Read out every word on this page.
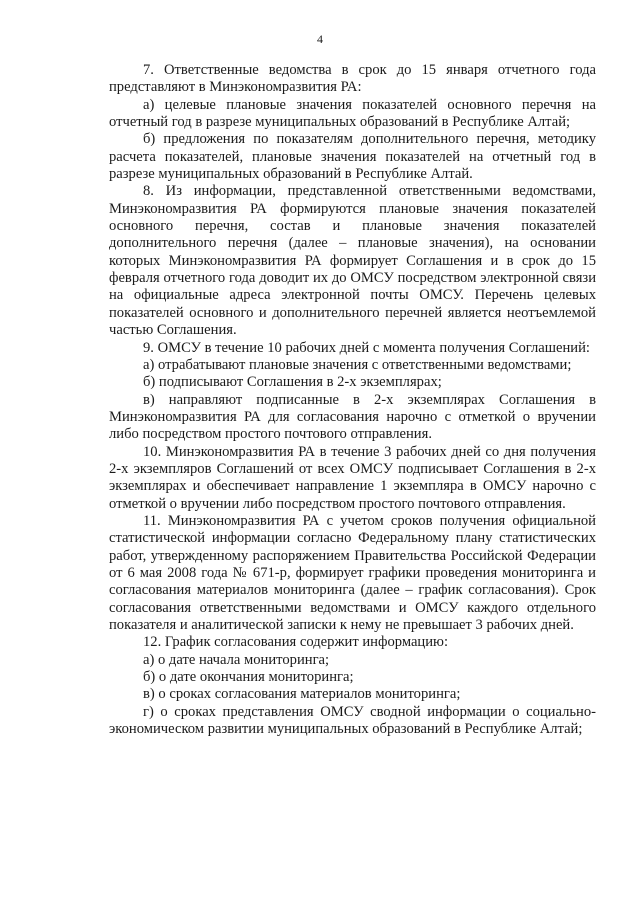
4

7. Ответственные ведомства в срок до 15 января отчетного года представляют в Минэкономразвития РА:

а) целевые плановые значения показателей основного перечня на отчетный год в разрезе муниципальных образований в Республике Алтай;

б) предложения по показателям дополнительного перечня, методику расчета показателей, плановые значения показателей на отчетный год в разрезе муниципальных образований в Республике Алтай.

8. Из информации, представленной ответственными ведомствами, Минэкономразвития РА формируются плановые значения показателей основного перечня, состав и плановые значения показателей дополнительного перечня (далее – плановые значения), на основании которых Минэкономразвития РА формирует Соглашения и в срок до 15 февраля отчетного года доводит их до ОМСУ посредством электронной связи на официальные адреса электронной почты ОМСУ. Перечень целевых показателей основного и дополнительного перечней является неотъемлемой частью Соглашения.

9. ОМСУ в течение 10 рабочих дней с момента получения Соглашений:

а) отрабатывают плановые значения с ответственными ведомствами;

б) подписывают Соглашения в 2-х экземплярах;

в) направляют подписанные в 2-х экземплярах Соглашения в Минэкономразвития РА для согласования нарочно с отметкой о вручении либо посредством простого почтового отправления.

10. Минэкономразвития РА в течение 3 рабочих дней со дня получения 2-х экземпляров Соглашений от всех ОМСУ подписывает Соглашения в 2-х экземплярах и обеспечивает направление 1 экземпляра в ОМСУ нарочно с отметкой о вручении либо посредством простого почтового отправления.

11. Минэкономразвития РА с учетом сроков получения официальной статистической информации согласно Федеральному плану статистических работ, утвержденному распоряжением Правительства Российской Федерации от 6 мая 2008 года № 671-р, формирует графики проведения мониторинга и согласования материалов мониторинга (далее – график согласования). Срок согласования ответственными ведомствами и ОМСУ каждого отдельного показателя и аналитической записки к нему не превышает 3 рабочих дней.

12. График согласования содержит информацию:

а) о дате начала мониторинга;

б) о дате окончания мониторинга;

в) о сроках согласования материалов мониторинга;

г) о сроках представления ОМСУ сводной информации о социально-экономическом развитии муниципальных образований в Республике Алтай;
